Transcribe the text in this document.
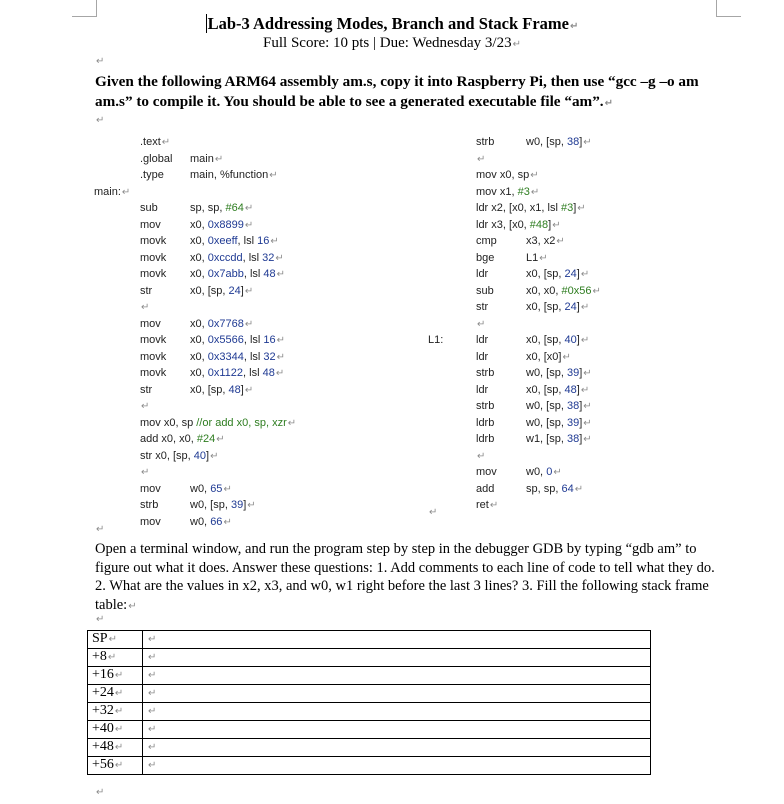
Lab-3 Addressing Modes, Branch and Stack Frame↵
Full Score: 10 pts | Due: Wednesday 3/23↵
↵
Given the following ARM64 assembly am.s, copy it into Raspberry Pi, then use “gcc –g –o am am.s” to compile it. You should be able to see a generated executable file “am”.↵
↵
.text↵
.global main↵
.type main, %function↵
main:↵
sub	sp, sp, #64↵
mov	x0, 0x8899↵
movk x0, 0xeeff, lsl 16↵
movk x0, 0xccdd, lsl 32↵
movk x0, 0x7abb, lsl 48↵
str	x0, [sp, 24]↵
↵
mov	x0, 0x7768↵
movk x0, 0x5566, lsl 16↵
movk x0, 0x3344, lsl 32↵
movk x0, 0x1122, lsl 48↵
str	x0, [sp, 48]↵
↵
mov x0, sp //or add x0, sp, xzr↵
add x0, x0, #24↵
str x0, [sp, 40]↵
↵
mov	w0, 65↵
strb	w0, [sp, 39]↵
mov	w0, 66↵
strb	w0, [sp, 38]↵
↵
mov x0, sp↵
mov x1, #3↵
ldr x2, [x0, x1, lsl #3]↵
ldr x3, [x0, #48]↵
cmp	x3, x2↵
bge	L1↵
ldr	x0, [sp, 24]↵
sub	x0, x0, #0x56↵
str	x0, [sp, 24]↵
↵
L1:	ldr	x0, [sp, 40]↵
ldr	x0, [x0]↵
strb	w0, [sp, 39]↵
ldr	x0, [sp, 48]↵
strb	w0, [sp, 38]↵
ldrb	w0, [sp, 39]↵
ldrb	w1, [sp, 38]↵
↵
mov	w0, 0↵
add	sp, sp, 64↵
ret↵
↵
↵
Open a terminal window, and run the program step by step in the debugger GDB by typing “gdb am” to figure out what it does. Answer these questions: 1. Add comments to each line of code to tell what they do. 2. What are the values in x2, x3, and w0, w1 right before the last 3 lines? 3. Fill the following stack frame table:↵
↵
SP↵	↵
+8↵	↵
+16↵	↵
+24↵	↵
+32↵	↵
+40↵	↵
+48↵	↵
+56↵	↵
↵
